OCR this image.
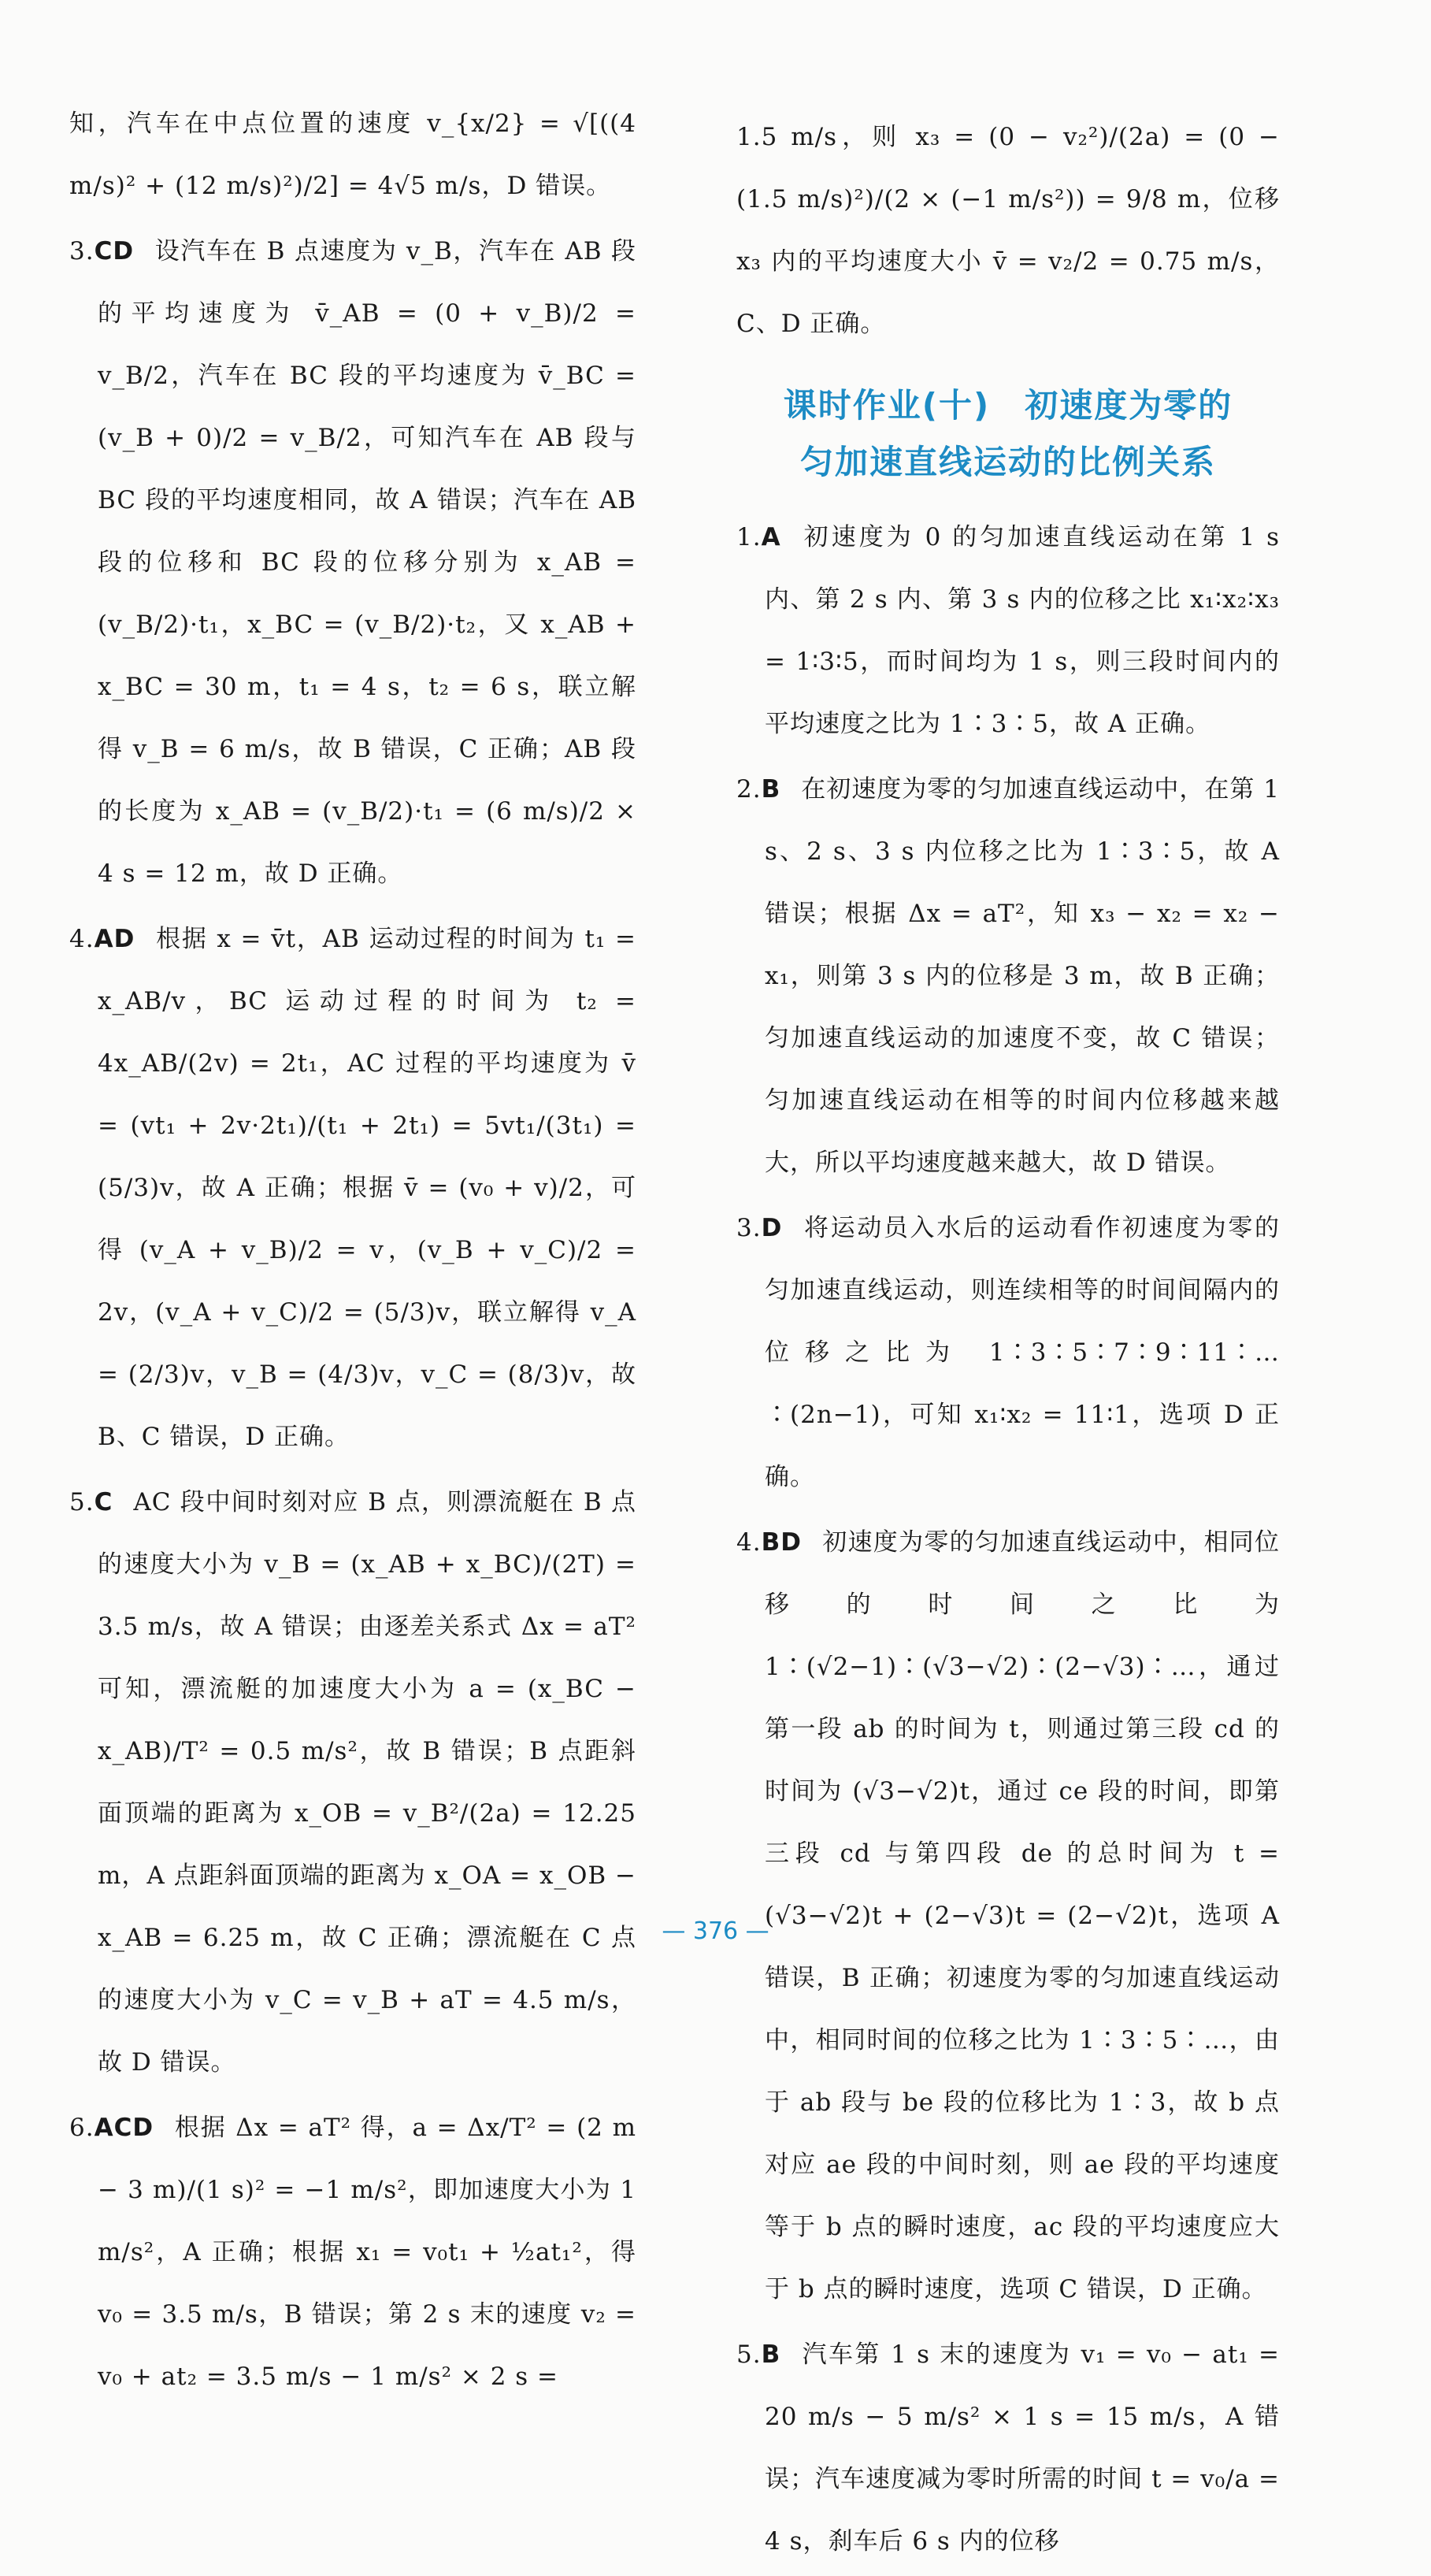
知，汽车在中点位置的速度 v_{x/2} = √[((4 m/s)² + (12 m/s)²)/2] = 4√5 m/s，D 错误。

3.CD 设汽车在 B 点速度为 v_B，汽车在 AB 段的平均速度为 v̄_AB = (0 + v_B)/2 = v_B/2，汽车在 BC 段的平均速度为 v̄_BC = (v_B + 0)/2 = v_B/2，可知汽车在 AB 段与 BC 段的平均速度相同，故 A 错误；汽车在 AB 段的位移和 BC 段的位移分别为 x_AB = (v_B/2)·t₁，x_BC = (v_B/2)·t₂，又 x_AB + x_BC = 30 m，t₁ = 4 s，t₂ = 6 s，联立解得 v_B = 6 m/s，故 B 错误，C 正确；AB 段的长度为 x_AB = (v_B/2)·t₁ = (6 m/s)/2 × 4 s = 12 m，故 D 正确。

4.AD 根据 x = v̄t，AB 运动过程的时间为 t₁ = x_AB/v，BC 运动过程的时间为 t₂ = 4x_AB/(2v) = 2t₁，AC 过程的平均速度为 v̄ = (vt₁ + 2v·2t₁)/(t₁ + 2t₁) = 5vt₁/(3t₁) = (5/3)v，故 A 正确；根据 v̄ = (v₀ + v)/2，可得 (v_A + v_B)/2 = v，(v_B + v_C)/2 = 2v，(v_A + v_C)/2 = (5/3)v，联立解得 v_A = (2/3)v，v_B = (4/3)v，v_C = (8/3)v，故 B、C 错误，D 正确。

5.C AC 段中间时刻对应 B 点，则漂流艇在 B 点的速度大小为 v_B = (x_AB + x_BC)/(2T) = 3.5 m/s，故 A 错误；由逐差关系式 Δx = aT² 可知，漂流艇的加速度大小为 a = (x_BC − x_AB)/T² = 0.5 m/s²，故 B 错误；B 点距斜面顶端的距离为 x_OB = v_B²/(2a) = 12.25 m，A 点距斜面顶端的距离为 x_OA = x_OB − x_AB = 6.25 m，故 C 正确；漂流艇在 C 点的速度大小为 v_C = v_B + aT = 4.5 m/s，故 D 错误。

6.ACD 根据 Δx = aT² 得，a = Δx/T² = (2 m − 3 m)/(1 s)² = −1 m/s²，即加速度大小为 1 m/s²，A 正确；根据 x₁ = v₀t₁ + ½at₁²，得 v₀ = 3.5 m/s，B 错误；第 2 s 末的速度 v₂ = v₀ + at₂ = 3.5 m/s − 1 m/s² × 2 s =

1.5 m/s，则 x₃ = (0 − v₂²)/(2a) = (0 − (1.5 m/s)²)/(2 × (−1 m/s²)) = 9/8 m，位移 x₃ 内的平均速度大小 v̄ = v₂/2 = 0.75 m/s，C、D 正确。

课时作业(十)　初速度为零的
匀加速直线运动的比例关系

1.A 初速度为 0 的匀加速直线运动在第 1 s 内、第 2 s 内、第 3 s 内的位移之比 x₁∶x₂∶x₃ = 1∶3∶5，而时间均为 1 s，则三段时间内的平均速度之比为 1∶3∶5，故 A 正确。

2.B 在初速度为零的匀加速直线运动中，在第 1 s、2 s、3 s 内位移之比为 1∶3∶5，故 A 错误；根据 Δx = aT²，知 x₃ − x₂ = x₂ − x₁，则第 3 s 内的位移是 3 m，故 B 正确；匀加速直线运动的加速度不变，故 C 错误；匀加速直线运动在相等的时间内位移越来越大，所以平均速度越来越大，故 D 错误。

3.D 将运动员入水后的运动看作初速度为零的匀加速直线运动，则连续相等的时间间隔内的位移之比为 1∶3∶5∶7∶9∶11∶…∶(2n−1)，可知 x₁∶x₂ = 11∶1，选项 D 正确。

4.BD 初速度为零的匀加速直线运动中，相同位移的时间之比为 1∶(√2−1)∶(√3−√2)∶(2−√3)∶…，通过第一段 ab 的时间为 t，则通过第三段 cd 的时间为 (√3−√2)t，通过 ce 段的时间，即第三段 cd 与第四段 de 的总时间为 t = (√3−√2)t + (2−√3)t = (2−√2)t，选项 A 错误，B 正确；初速度为零的匀加速直线运动中，相同时间的位移之比为 1∶3∶5∶…，由于 ab 段与 be 段的位移比为 1∶3，故 b 点对应 ae 段的中间时刻，则 ae 段的平均速度等于 b 点的瞬时速度，ac 段的平均速度应大于 b 点的瞬时速度，选项 C 错误，D 正确。

5.B 汽车第 1 s 末的速度为 v₁ = v₀ − at₁ = 20 m/s − 5 m/s² × 1 s = 15 m/s，A 错误；汽车速度减为零时所需的时间 t = v₀/a = 4 s，刹车后 6 s 内的位移

— 376 —
